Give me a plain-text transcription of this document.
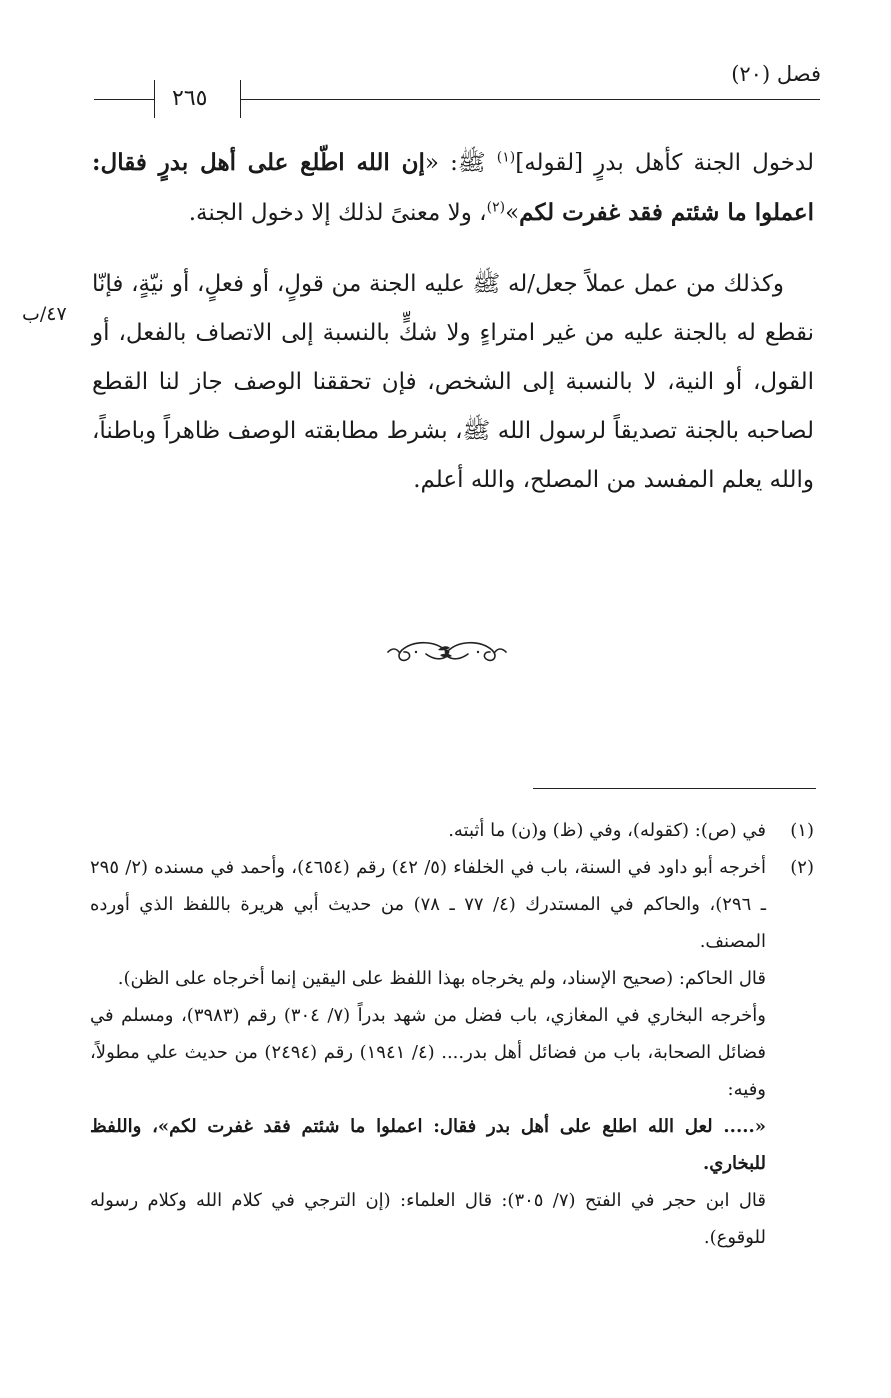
فصل (٢٠)
٢٦٥
٤٧/ب

لدخول الجنة كأهل بدرٍ [لقوله]$^{(١)}$ ﷺ: «إن الله اطّلع على أهل بدرٍ فقال: اعملوا ما شئتم فقد غفرت لكم»$^{(٢)}$، ولا معنىً لذلك إلا دخول الجنة.

وكذلك من عمل عملاً جعل/له ﷺ عليه الجنة من قولٍ، أو فعلٍ، أو نيّةٍ، فإنّا نقطع له بالجنة عليه من غير امتراءٍ ولا شكٍّ بالنسبة إلى الاتصاف بالفعل، أو القول، أو النية، لا بالنسبة إلى الشخص، فإن تحققنا الوصف جاز لنا القطع لصاحبه بالجنة تصديقاً لرسول الله ﷺ، بشرط مطابقته الوصف ظاهراً وباطناً، والله يعلم المفسد من المصلح، والله أعلم.

(١)

في (ص): (كقوله)، وفي (ظ) و(ن) ما أثبته.

(٢)

أخرجه أبو داود في السنة، باب في الخلفاء (٥/ ٤٢) رقم (٤٦٥٤)، وأحمد في مسنده (٢/ ٢٩٥ ـ ٢٩٦)، والحاكم في المستدرك (٤/ ٧٧ ـ ٧٨) من حديث أبي هريرة باللفظ الذي أورده المصنف.

قال الحاكم: (صحيح الإسناد، ولم يخرجاه بهذا اللفظ على اليقين إنما أخرجاه على الظن).

وأخرجه البخاري في المغازي، باب فضل من شهد بدراً (٧/ ٣٠٤) رقم (٣٩٨٣)، ومسلم في فضائل الصحابة، باب من فضائل أهل بدر.... (٤/ ١٩٤١) رقم (٢٤٩٤) من حديث علي مطولاً، وفيه:

«..... لعل الله اطلع على أهل بدر فقال: اعملوا ما شئتم فقد غفرت لكم»، واللفظ للبخاري.

قال ابن حجر في الفتح (٧/ ٣٠٥): قال العلماء: (إن الترجي في كلام الله وكلام رسوله للوقوع).
